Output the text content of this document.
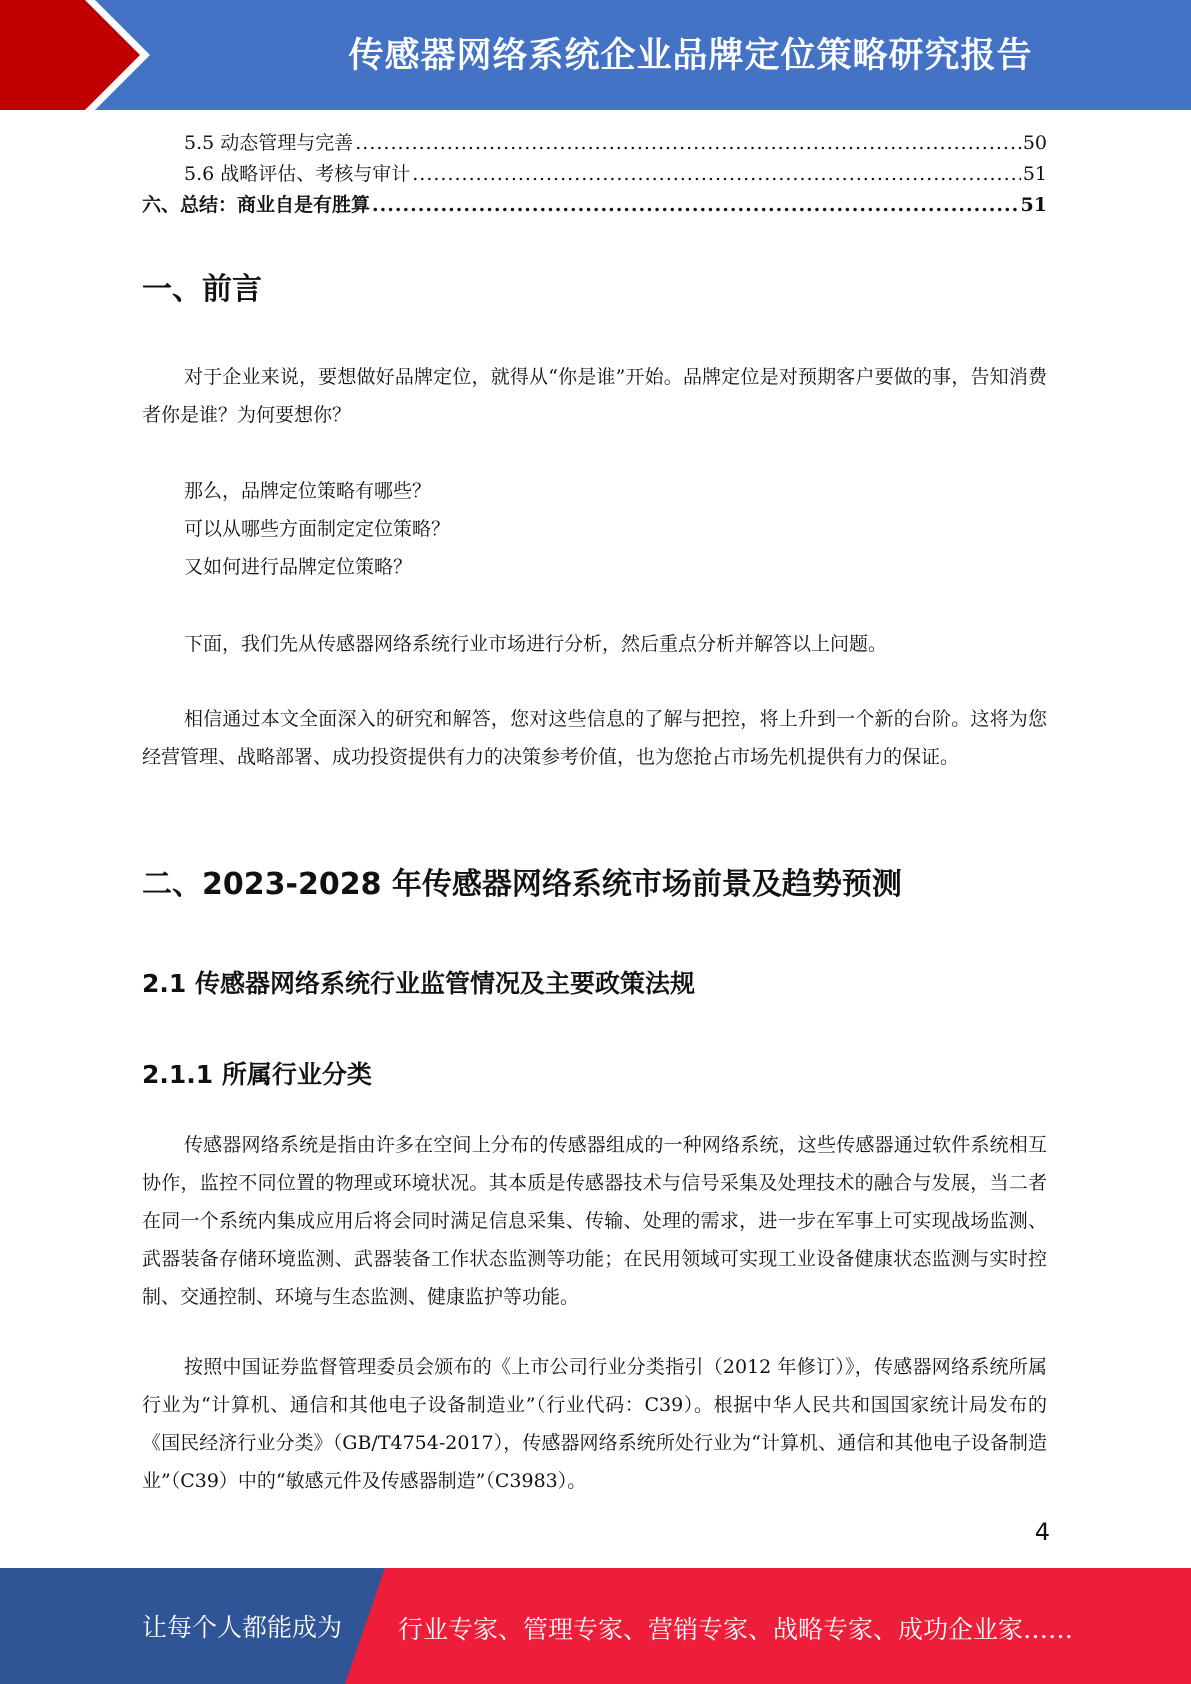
传感器网络系统企业品牌定位策略研究报告
5.5 动态管理与完善 .....	50
5.6 战略评估、考核与审计 .....	51
六、总结：商业自是有胜算 .....	51
一、前言

对于企业来说，要想做好品牌定位，就得从“你是谁”开始。品牌定位是对预期客户要做的事，告知消费者你是谁？为何要想你？

那么，品牌定位策略有哪些？
可以从哪些方面制定定位策略？
又如何进行品牌定位策略？

下面，我们先从传感器网络系统行业市场进行分析，然后重点分析并解答以上问题。

相信通过本文全面深入的研究和解答，您对这些信息的了解与把控，将上升到一个新的台阶。这将为您经营管理、战略部署、成功投资提供有力的决策参考价值，也为您抢占市场先机提供有力的保证。

二、2023-2028 年传感器网络系统市场前景及趋势预测
2.1 传感器网络系统行业监管情况及主要政策法规
2.1.1 所属行业分类

传感器网络系统是指由许多在空间上分布的传感器组成的一种网络系统，这些传感器通过软件系统相互协作，监控不同位置的物理或环境状况。其本质是传感器技术与信号采集及处理技术的融合与发展，当二者在同一个系统内集成应用后将会同时满足信息采集、传输、处理的需求，进一步在军事上可实现战场监测、武器装备存储环境监测、武器装备工作状态监测等功能；在民用领域可实现工业设备健康状态监测与实时控制、交通控制、环境与生态监测、健康监护等功能。

按照中国证券监督管理委员会颁布的《上市公司行业分类指引（2012 年修订）》，传感器网络系统所属行业为“计算机、通信和其他电子设备制造业”（行业代码：C39）。根据中华人民共和国国家统计局发布的《国民经济行业分类》（GB/T4754-2017），传感器网络系统所处行业为“计算机、通信和其他电子设备制造业”（C39）中的“敏感元件及传感器制造”（C3983）。

4
让每个人都能成为 行业专家、管理专家、营销专家、战略专家、成功企业家……
